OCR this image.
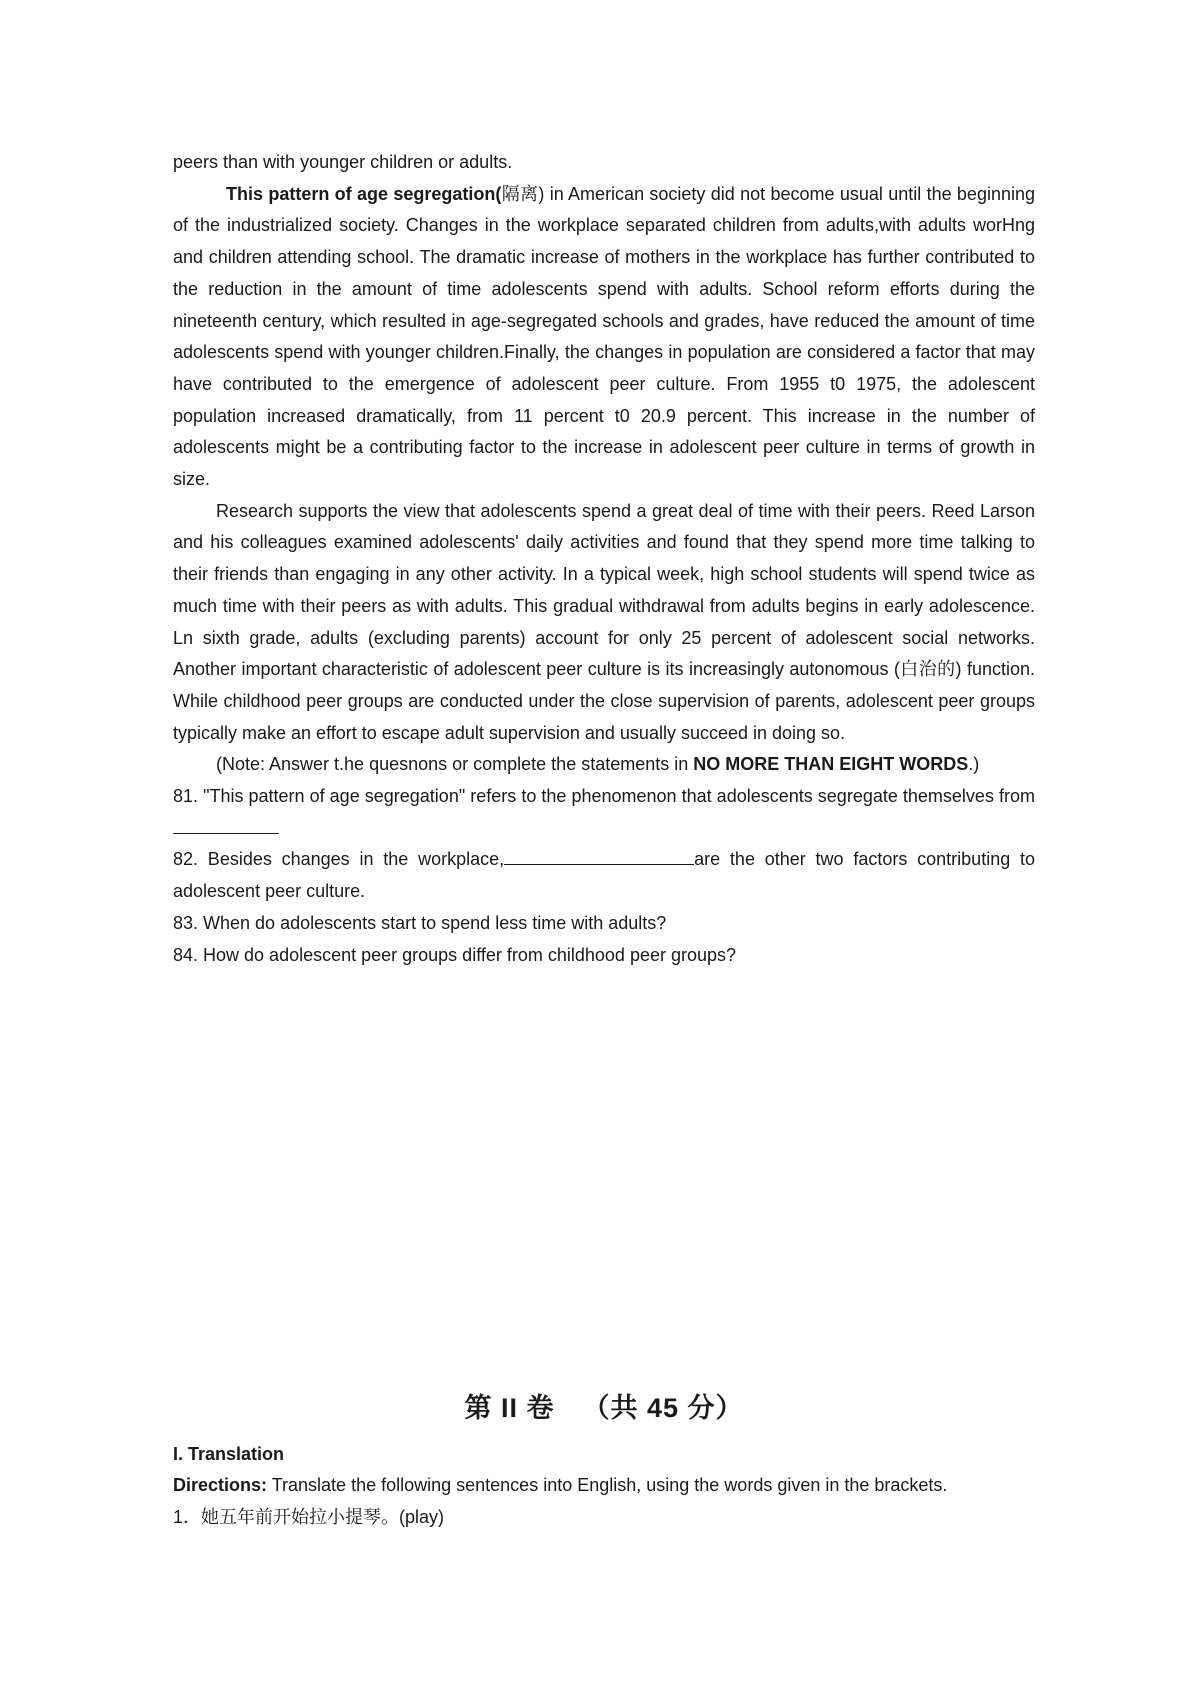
peers than with younger children or adults.

This pattern of age segregation(隔离) in American society did not become usual until the beginning of the industrialized society. Changes in the workplace separated children from adults,with adults worHng and children attending school. The dramatic increase of mothers in the workplace has further contributed to the reduction in the amount of time adolescents spend with adults. School reform efforts during the nineteenth century, which resulted in age-segregated schools and grades, have reduced the amount of time adolescents spend with younger children.Finally, the changes in population are considered a factor that may have contributed to the emergence of adolescent peer culture. From 1955 t0 1975, the adolescent population increased dramatically, from 11 percent t0 20.9 percent. This increase in the number of adolescents might be a contributing factor to the increase in adolescent peer culture in terms of growth in size.

Research supports the view that adolescents spend a great deal of time with their peers. Reed Larson and his colleagues examined adolescents' daily activities and found that they spend more time talking to their friends than engaging in any other activity. In a typical week, high school students will spend twice as much time with their peers as with adults. This gradual withdrawal from adults begins in early adolescence. Ln sixth grade, adults (excluding parents) account for only 25 percent of adolescent social networks. Another important characteristic of adolescent peer culture is its increasingly autonomous (白治的) function. While childhood peer groups are conducted under the close supervision of parents, adolescent peer groups typically make an effort to escape adult supervision and usually succeed in doing so.

(Note: Answer t.he quesnons or complete the statements in NO MORE THAN EIGHT WORDS.)

81. "This pattern of age segregation" refers to the phenomenon that adolescents segregate themselves from

82. Besides changes in the workplace,	are the other two factors contributing to adolescent peer culture.

83. When do adolescents start to spend less time with adults?

84. How do adolescent peer groups differ from childhood peer groups?

第 II 卷 （共 45 分）

I. Translation

Directions: Translate the following sentences into English, using the words given in the brackets.

1．她五年前开始拉小提琴。(play)
